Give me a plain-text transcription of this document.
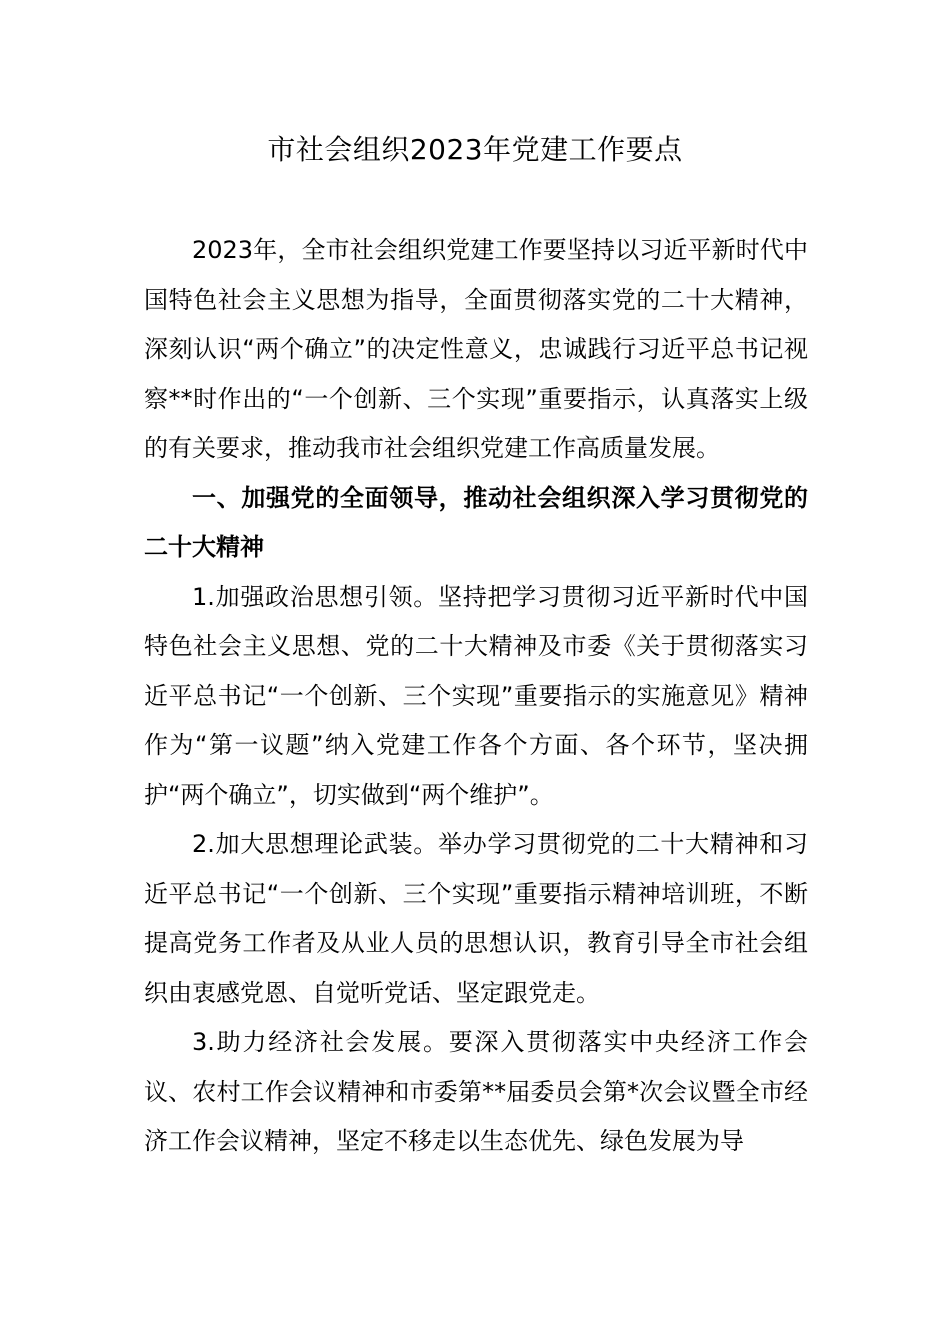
市社会组织2023年党建工作要点

2023年，全市社会组织党建工作要坚持以习近平新时代中国特色社会主义思想为指导，全面贯彻落实党的二十大精神，深刻认识“两个确立”的决定性意义，忠诚践行习近平总书记视察**时作出的“一个创新、三个实现”重要指示，认真落实上级的有关要求，推动我市社会组织党建工作高质量发展。

一、加强党的全面领导，推动社会组织深入学习贯彻党的二十大精神

1.加强政治思想引领。坚持把学习贯彻习近平新时代中国特色社会主义思想、党的二十大精神及市委《关于贯彻落实习近平总书记“一个创新、三个实现”重要指示的实施意见》精神作为“第一议题”纳入党建工作各个方面、各个环节，坚决拥护“两个确立”，切实做到“两个维护”。

2.加大思想理论武装。举办学习贯彻党的二十大精神和习近平总书记“一个创新、三个实现”重要指示精神培训班，不断提高党务工作者及从业人员的思想认识，教育引导全市社会组织由衷感党恩、自觉听党话、坚定跟党走。

3.助力经济社会发展。要深入贯彻落实中央经济工作会议、农村工作会议精神和市委第**届委员会第*次会议暨全市经济工作会议精神，坚定不移走以生态优先、绿色发展为导
